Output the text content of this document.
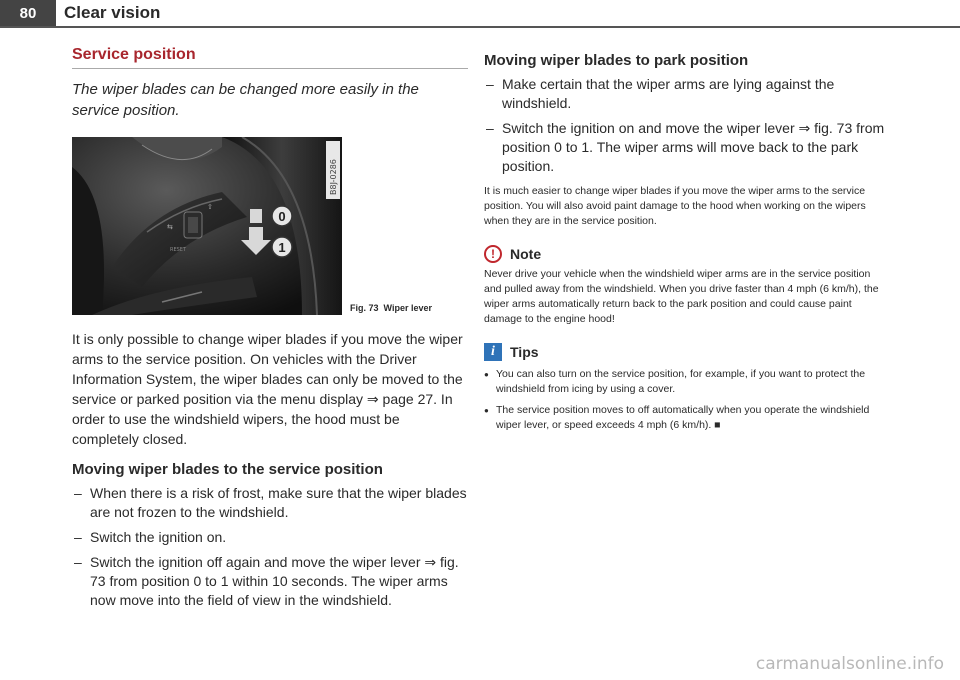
80	Clear vision
Service position

The wiper blades can be changed more easily in the service position.

⇆
⇧
RESET
0
1
B8J-0286
Fig. 73 Wiper lever

It is only possible to change wiper blades if you move the wiper arms to the service position. On vehicles with the Driver Information System, the wiper blades can only be moved to the service or parked position via the menu display ⇒ page 27. In order to use the windshield wipers, the hood must be completely closed.

Moving wiper blades to the service position
– When there is a risk of frost, make sure that the wiper blades are not frozen to the windshield.
– Switch the ignition on.
– Switch the ignition off again and move the wiper lever ⇒ fig. 73 from position 0 to 1 within 10 seconds. The wiper arms now move into the field of view in the windshield.
Moving wiper blades to park position
– Make certain that the wiper arms are lying against the windshield.
– Switch the ignition on and move the wiper lever ⇒ fig. 73 from position 0 to 1. The wiper arms will move back to the park position.

It is much easier to change wiper blades if you move the wiper arms to the service position. You will also avoid paint damage to the hood when working on the wipers when they are in the service position.

!	Note

Never drive your vehicle when the windshield wiper arms are in the service position and pulled away from the windshield. When you drive faster than 4 mph (6 km/h), the wiper arms automatically return back to the park position and could cause paint damage to the engine hood!

i	Tips
● You can also turn on the service position, for example, if you want to protect the windshield from icing by using a cover.
● The service position moves to off automatically when you operate the windshield wiper lever, or speed exceeds 4 mph (6 km/h). ■
carmanualsonline.info
